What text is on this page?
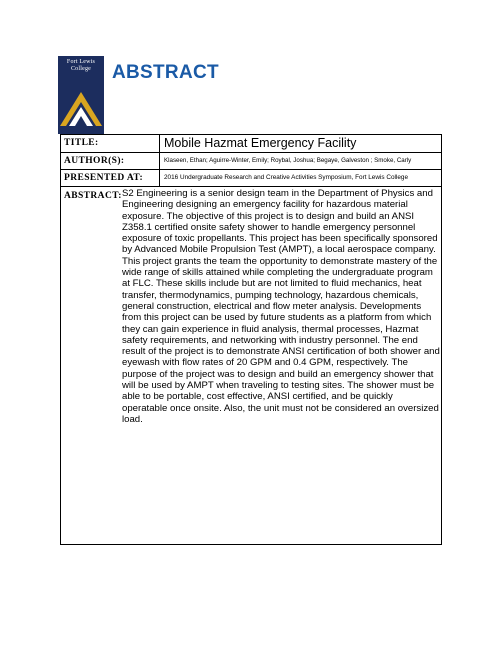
Fort Lewis
College	ABSTRACT
TITLE:	Mobile Hazmat Emergency Facility
AUTHOR(S):	Klaseen, Ethan; Aguirre-Winter, Emily; Roybal, Joshua; Begaye, Galveston ; Smoke, Carly
PRESENTED AT:	2016 Undergraduate Research and Creative Activities Symposium, Fort Lewis College
ABSTRACT: S2 Engineering is a senior design team in the Department of Physics and Engineering designing an emergency facility for hazardous material exposure. The objective of this project is to design and build an ANSI Z358.1 certified onsite safety shower to handle emergency personnel exposure of toxic propellants. This project has been specifically sponsored by Advanced Mobile Propulsion Test (AMPT), a local aerospace company. This project grants the team the opportunity to demonstrate mastery of the wide range of skills attained while completing the undergraduate program at FLC. These skills include but are not limited to fluid mechanics, heat transfer, thermodynamics, pumping technology, hazardous chemicals, general construction, electrical and flow meter analysis. Developments from this project can be used by future students as a platform from which they can gain experience in fluid analysis, thermal processes, Hazmat safety requirements, and networking with industry personnel. The end result of the project is to demonstrate ANSI certification of both shower and eyewash with flow rates of 20 GPM and 0.4 GPM, respectively. The purpose of the project was to design and build an emergency shower that will be used by AMPT when traveling to testing sites. The shower must be able to be portable, cost effective, ANSI certified, and be quickly operatable once onsite. Also, the unit must not be considered an oversized load.
